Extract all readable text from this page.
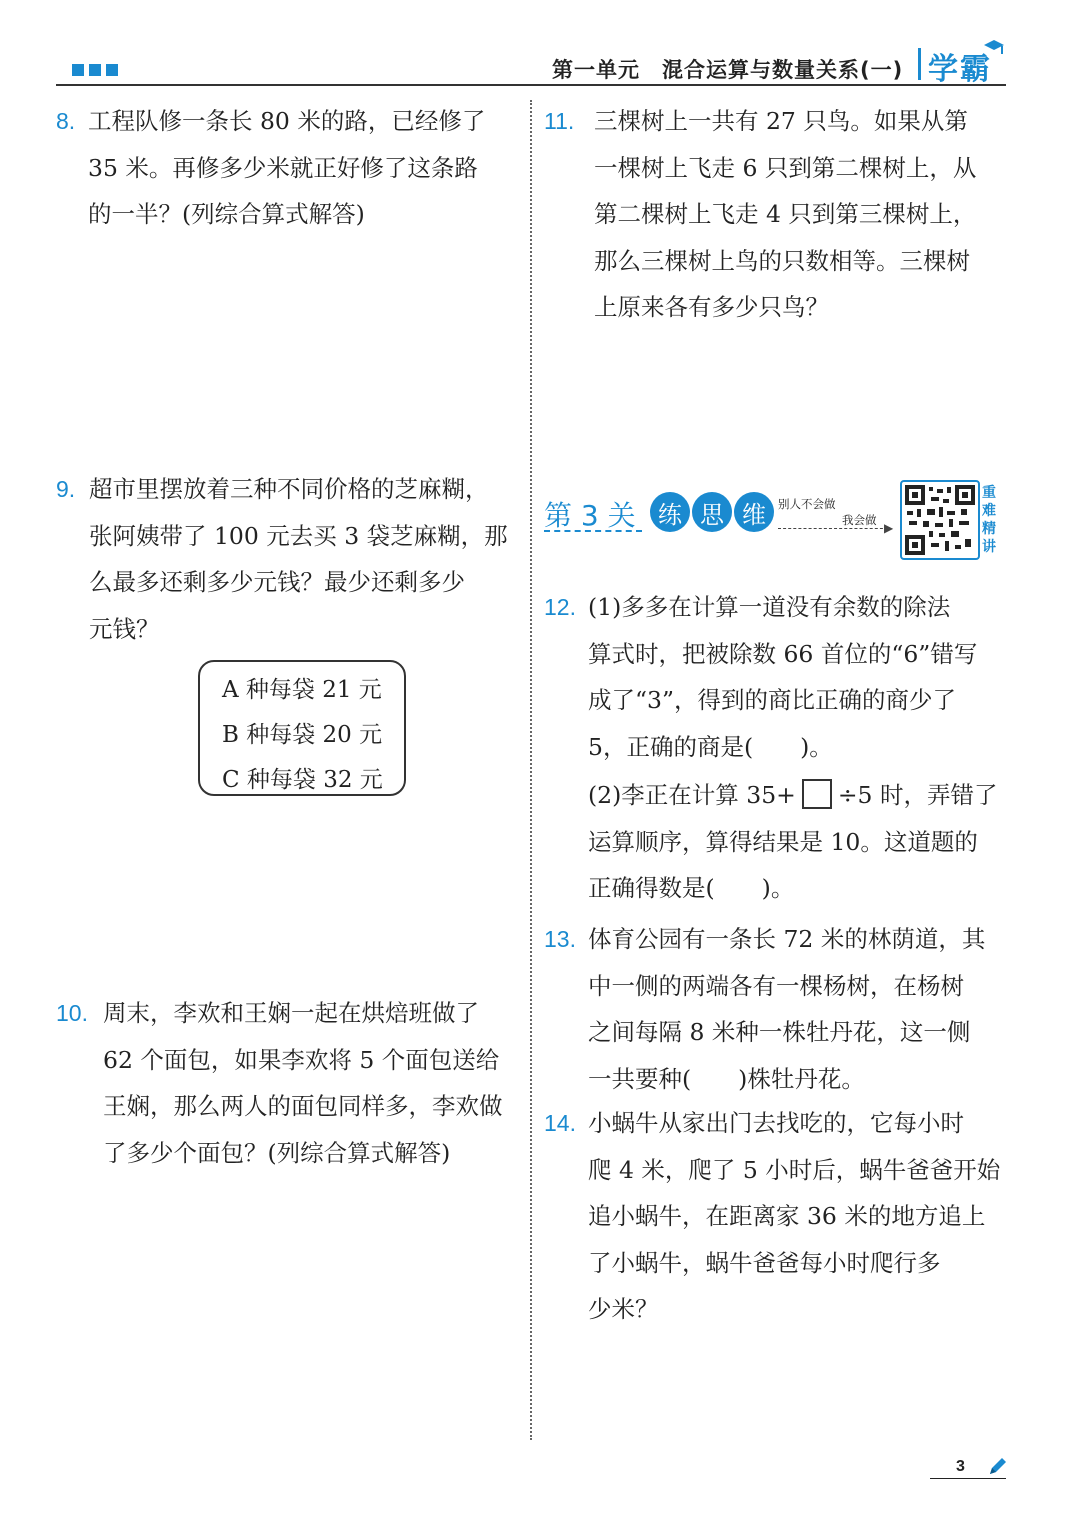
第一单元　混合运算与数量关系(一) 学霸
8. 工程队修一条长 80 米的路，已经修了

35 米。再修多少米就正好修了这条路

的一半？(列综合算式解答)

9. 超市里摆放着三种不同价格的芝麻糊，

张阿姨带了 100 元去买 3 袋芝麻糊，那

么最多还剩多少元钱？最少还剩多少

元钱？

A 种每袋 21 元

B 种每袋 20 元

C 种每袋 32 元

10. 周末，李欢和王娴一起在烘焙班做了

62 个面包，如果李欢将 5 个面包送给

王娴，那么两人的面包同样多，李欢做

了多少个面包？(列综合算式解答)

11. 三棵树上一共有 27 只鸟。如果从第

一棵树上飞走 6 只到第二棵树上，从

第二棵树上飞走 4 只到第三棵树上，

那么三棵树上鸟的只数相等。三棵树

上原来各有多少只鸟？

第 3 关 练 思 维	别人不会做
我会做
▶
重
难
精
讲
12. (1)多多在计算一道没有余数的除法

算式时，把被除数 66 首位的“6”错写

成了“3”，得到的商比正确的商少了

5，正确的商是(　　)。

(2)李正在计算 35+ ÷5 时，弄错了

运算顺序，算得结果是 10。这道题的

正确得数是(　　)。

13. 体育公园有一条长 72 米的林荫道，其

中一侧的两端各有一棵杨树，在杨树

之间每隔 8 米种一株牡丹花，这一侧

一共要种(　　)株牡丹花。

14. 小蜗牛从家出门去找吃的，它每小时

爬 4 米，爬了 5 小时后，蜗牛爸爸开始

追小蜗牛，在距离家 36 米的地方追上

了小蜗牛，蜗牛爸爸每小时爬行多

少米？

3
